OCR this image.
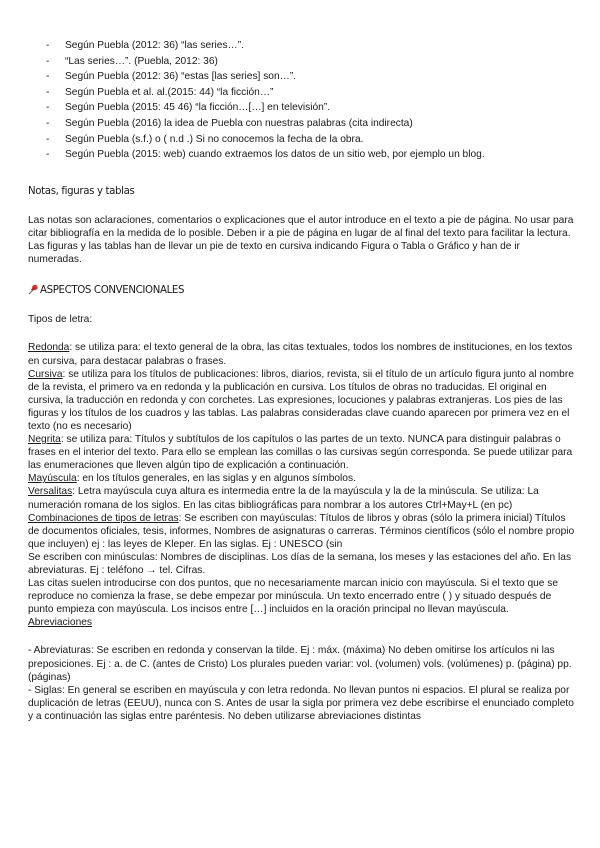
- Según Puebla (2012: 36) “las series…”.
- “Las series…”. (Puebla, 2012: 36)
- Según Puebla (2012: 36) “estas [las series] son…”.
- Según Puebla et al. al.(2015: 44) “la ficción…”
- Según Puebla (2015: 45 46) “la ficción…[…] en televisión”.
- Según Puebla (2016) la idea de Puebla con nuestras palabras (cita indirecta)
- Según Puebla (s.f.) o ( n.d .) Si no conocemos la fecha de la obra.
- Según Puebla (2015: web) cuando extraemos los datos de un sitio web, por ejemplo un blog.

Notas, figuras y tablas

Las notas son aclaraciones, comentarios o explicaciones que el autor introduce en el texto a pie de página. No usar para citar bibliografía en la medida de lo posible. Deben ir a pie de página en lugar de al final del texto para facilitar la lectura. Las figuras y las tablas han de llevar un pie de texto en cursiva indicando Figura o Tabla o Gráfico y han de ir numeradas.

ASPECTOS CONVENCIONALES

Tipos de letra:

Redonda: se utiliza para: el texto general de la obra, las citas textuales, todos los nombres de instituciones, en los textos en cursiva, para destacar palabras o frases.

Cursiva: se utiliza para los títulos de publicaciones: libros, diarios, revista, sii el título de un artículo figura junto al nombre de la revista, el primero va en redonda y la publicación en cursiva. Los títulos de obras no traducidas. El original en cursiva, la traducción en redonda y con corchetes. Las expresiones, locuciones y palabras extranjeras. Los pies de las figuras y los títulos de los cuadros y las tablas. Las palabras consideradas clave cuando aparecen por primera vez en el texto (no es necesario)

Negrita: se utiliza para: Títulos y subtítulos de los capítulos o las partes de un texto. NUNCA para distinguir palabras o frases en el interior del texto. Para ello se emplean las comillas o las cursivas según corresponda. Se puede utilizar para las enumeraciones que lleven algún tipo de explicación a continuación.

Mayúscula: en los títulos generales, en las siglas y en algunos símbolos.

Versalitas: Letra mayúscula cuya altura es intermedia entre la de la mayúscula y la de la minúscula. Se utiliza: La numeración romana de los siglos. En las citas bibliográficas para nombrar a los autores Ctrl+May+L (en pc)

Combinaciones de tipos de letras: Se escriben con mayúsculas: Títulos de libros y obras (sólo la primera inicial) Títulos de documentos oficiales, tesis, informes, Nombres de asignaturas o carreras. Términos científicos (sólo el nombre propio que incluyen) ej : las leyes de Kleper. En las siglas. Ej : UNESCO (sin

Se escriben con minúsculas: Nombres de disciplinas. Los días de la semana, los meses y las estaciones del año. En las abreviaturas. Ej : teléfono → tel. Cifras.

Las citas suelen introducirse con dos puntos, que no necesariamente marcan inicio con mayúscula. Si el texto que se reproduce no comienza la frase, se debe empezar por minúscula. Un texto encerrado entre ( ) y situado después de punto empieza con mayúscula. Los incisos entre […] incluidos en la oración principal no llevan mayúscula.

Abreviaciones

- Abreviaturas: Se escriben en redonda y conservan la tilde. Ej : máx. (máxima) No deben omitirse los artículos ni las preposiciones. Ej : a. de C. (antes de Cristo) Los plurales pueden variar: vol. (volumen) vols. (volúmenes) p. (página) pp. (páginas)

- Siglas: En general se escriben en mayúscula y con letra redonda. No llevan puntos ni espacios. El plural se realiza por duplicación de letras (EEUU), nunca con S. Antes de usar la sigla por primera vez debe escribirse el enunciado completo y a continuación las siglas entre paréntesis. No deben utilizarse abreviaciones distintas
